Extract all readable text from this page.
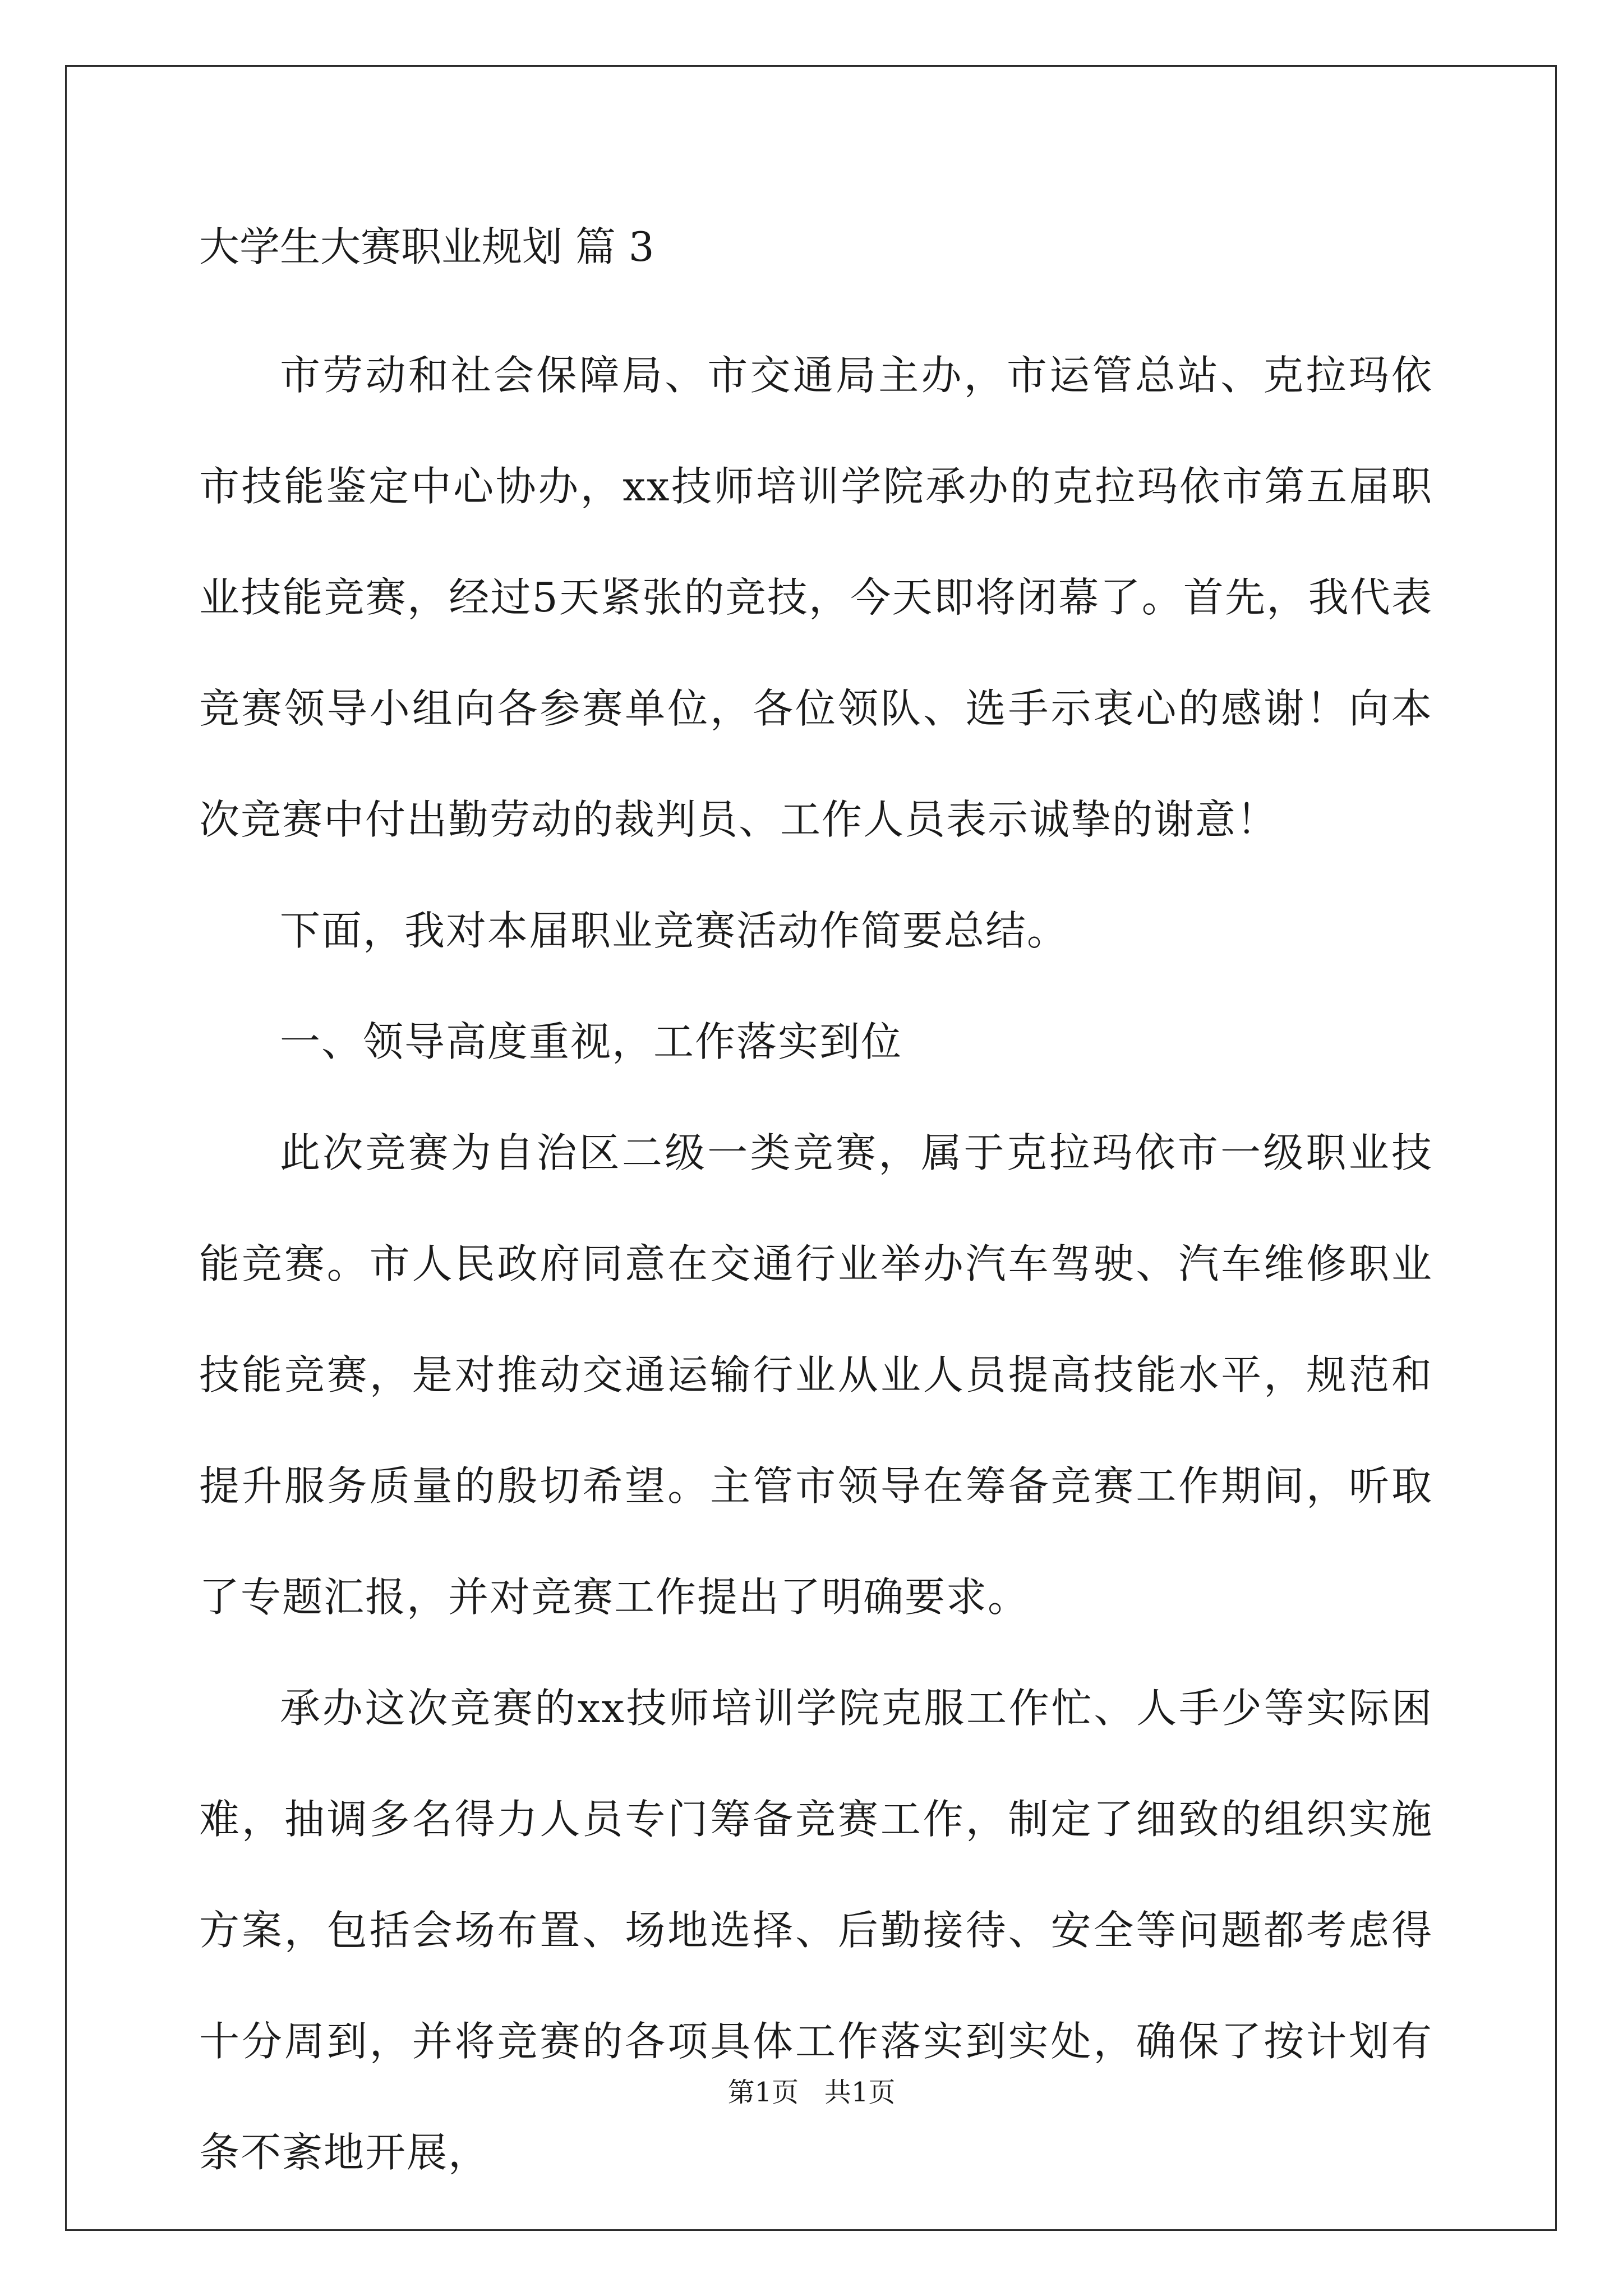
大学生大赛职业规划 篇 3

市劳动和社会保障局、市交通局主办，市运管总站、克拉玛依市技能鉴定中心协办，xx技师培训学院承办的克拉玛依市第五届职业技能竞赛，经过5天紧张的竞技，今天即将闭幕了。首先，我代表竞赛领导小组向各参赛单位，各位领队、选手示衷心的感谢！向本次竞赛中付出勤劳动的裁判员、工作人员表示诚挚的谢意！

下面，我对本届职业竞赛活动作简要总结。

一、领导高度重视，工作落实到位

此次竞赛为自治区二级一类竞赛，属于克拉玛依市一级职业技能竞赛。市人民政府同意在交通行业举办汽车驾驶、汽车维修职业技能竞赛，是对推动交通运输行业从业人员提高技能水平，规范和提升服务质量的殷切希望。主管市领导在筹备竞赛工作期间，听取了专题汇报，并对竞赛工作提出了明确要求。

承办这次竞赛的xx技师培训学院克服工作忙、人手少等实际困难，抽调多名得力人员专门筹备竞赛工作，制定了细致的组织实施方案，包括会场布置、场地选择、后勤接待、安全等问题都考虑得十分周到，并将竞赛的各项具体工作落实到实处，确保了按计划有条不紊地开展，

第1页   共1页
